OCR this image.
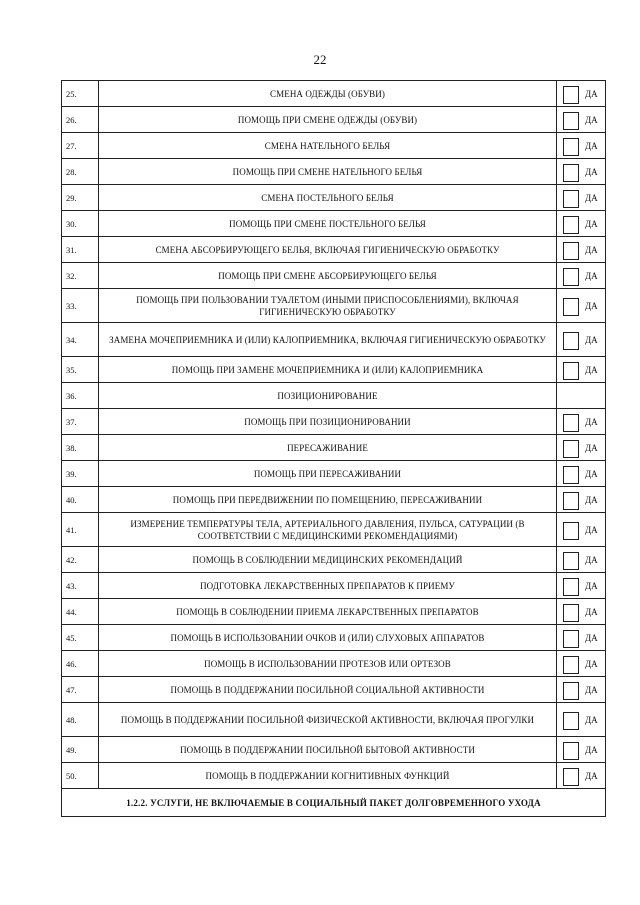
22
25.	СМЕНА ОДЕЖДЫ (ОБУВИ)	ДА

26.	ПОМОЩЬ ПРИ СМЕНЕ ОДЕЖДЫ (ОБУВИ)	ДА

27.	СМЕНА НАТЕЛЬНОГО БЕЛЬЯ	ДА

28.	ПОМОЩЬ ПРИ СМЕНЕ НАТЕЛЬНОГО БЕЛЬЯ	ДА

29.	СМЕНА ПОСТЕЛЬНОГО БЕЛЬЯ	ДА

30.	ПОМОЩЬ ПРИ СМЕНЕ ПОСТЕЛЬНОГО БЕЛЬЯ	ДА

31.	СМЕНА АБСОРБИРУЮЩЕГО БЕЛЬЯ, ВКЛЮЧАЯ ГИГИЕНИЧЕСКУЮ ОБРАБОТКУ	ДА

32.	ПОМОЩЬ ПРИ СМЕНЕ АБСОРБИРУЮЩЕГО БЕЛЬЯ	ДА

33.	ПОМОЩЬ ПРИ ПОЛЬЗОВАНИИ ТУАЛЕТОМ (ИНЫМИ ПРИСПОСОБЛЕНИЯМИ), ВКЛЮЧАЯ ГИГИЕНИЧЕСКУЮ ОБРАБОТКУ	ДА

34.	ЗАМЕНА МОЧЕПРИЕМНИКА И (ИЛИ) КАЛОПРИЕМНИКА, ВКЛЮЧАЯ ГИГИЕНИЧЕСКУЮ ОБРАБОТКУ	ДА

35.	ПОМОЩЬ ПРИ ЗАМЕНЕ МОЧЕПРИЕМНИКА И (ИЛИ) КАЛОПРИЕМНИКА	ДА

36.	ПОЗИЦИОНИРОВАНИЕ	
37.	ПОМОЩЬ ПРИ ПОЗИЦИОНИРОВАНИИ	ДА

38.	ПЕРЕСАЖИВАНИЕ	ДА

39.	ПОМОЩЬ ПРИ ПЕРЕСАЖИВАНИИ	ДА

40.	ПОМОЩЬ ПРИ ПЕРЕДВИЖЕНИИ ПО ПОМЕЩЕНИЮ, ПЕРЕСАЖИВАНИИ	ДА

41.	ИЗМЕРЕНИЕ ТЕМПЕРАТУРЫ ТЕЛА, АРТЕРИАЛЬНОГО ДАВЛЕНИЯ, ПУЛЬСА, САТУРАЦИИ (В СООТВЕТСТВИИ С МЕДИЦИНСКИМИ РЕКОМЕНДАЦИЯМИ)	ДА

42.	ПОМОЩЬ В СОБЛЮДЕНИИ МЕДИЦИНСКИХ РЕКОМЕНДАЦИЙ	ДА

43.	ПОДГОТОВКА ЛЕКАРСТВЕННЫХ ПРЕПАРАТОВ К ПРИЕМУ	ДА

44.	ПОМОЩЬ В СОБЛЮДЕНИИ ПРИЕМА ЛЕКАРСТВЕННЫХ ПРЕПАРАТОВ	ДА

45.	ПОМОЩЬ В ИСПОЛЬЗОВАНИИ ОЧКОВ И (ИЛИ) СЛУХОВЫХ АППАРАТОВ	ДА

46.	ПОМОЩЬ В ИСПОЛЬЗОВАНИИ ПРОТЕЗОВ ИЛИ ОРТЕЗОВ	ДА

47.	ПОМОЩЬ В ПОДДЕРЖАНИИ ПОСИЛЬНОЙ СОЦИАЛЬНОЙ АКТИВНОСТИ	ДА

48.	ПОМОЩЬ В ПОДДЕРЖАНИИ ПОСИЛЬНОЙ ФИЗИЧЕСКОЙ АКТИВНОСТИ, ВКЛЮЧАЯ ПРОГУЛКИ	ДА

49.	ПОМОЩЬ В ПОДДЕРЖАНИИ ПОСИЛЬНОЙ БЫТОВОЙ АКТИВНОСТИ	ДА

50.	ПОМОЩЬ В ПОДДЕРЖАНИИ КОГНИТИВНЫХ ФУНКЦИЙ	ДА

1.2.2. УСЛУГИ, НЕ ВКЛЮЧАЕМЫЕ В СОЦИАЛЬНЫЙ ПАКЕТ ДОЛГОВРЕМЕННОГО УХОДА		
